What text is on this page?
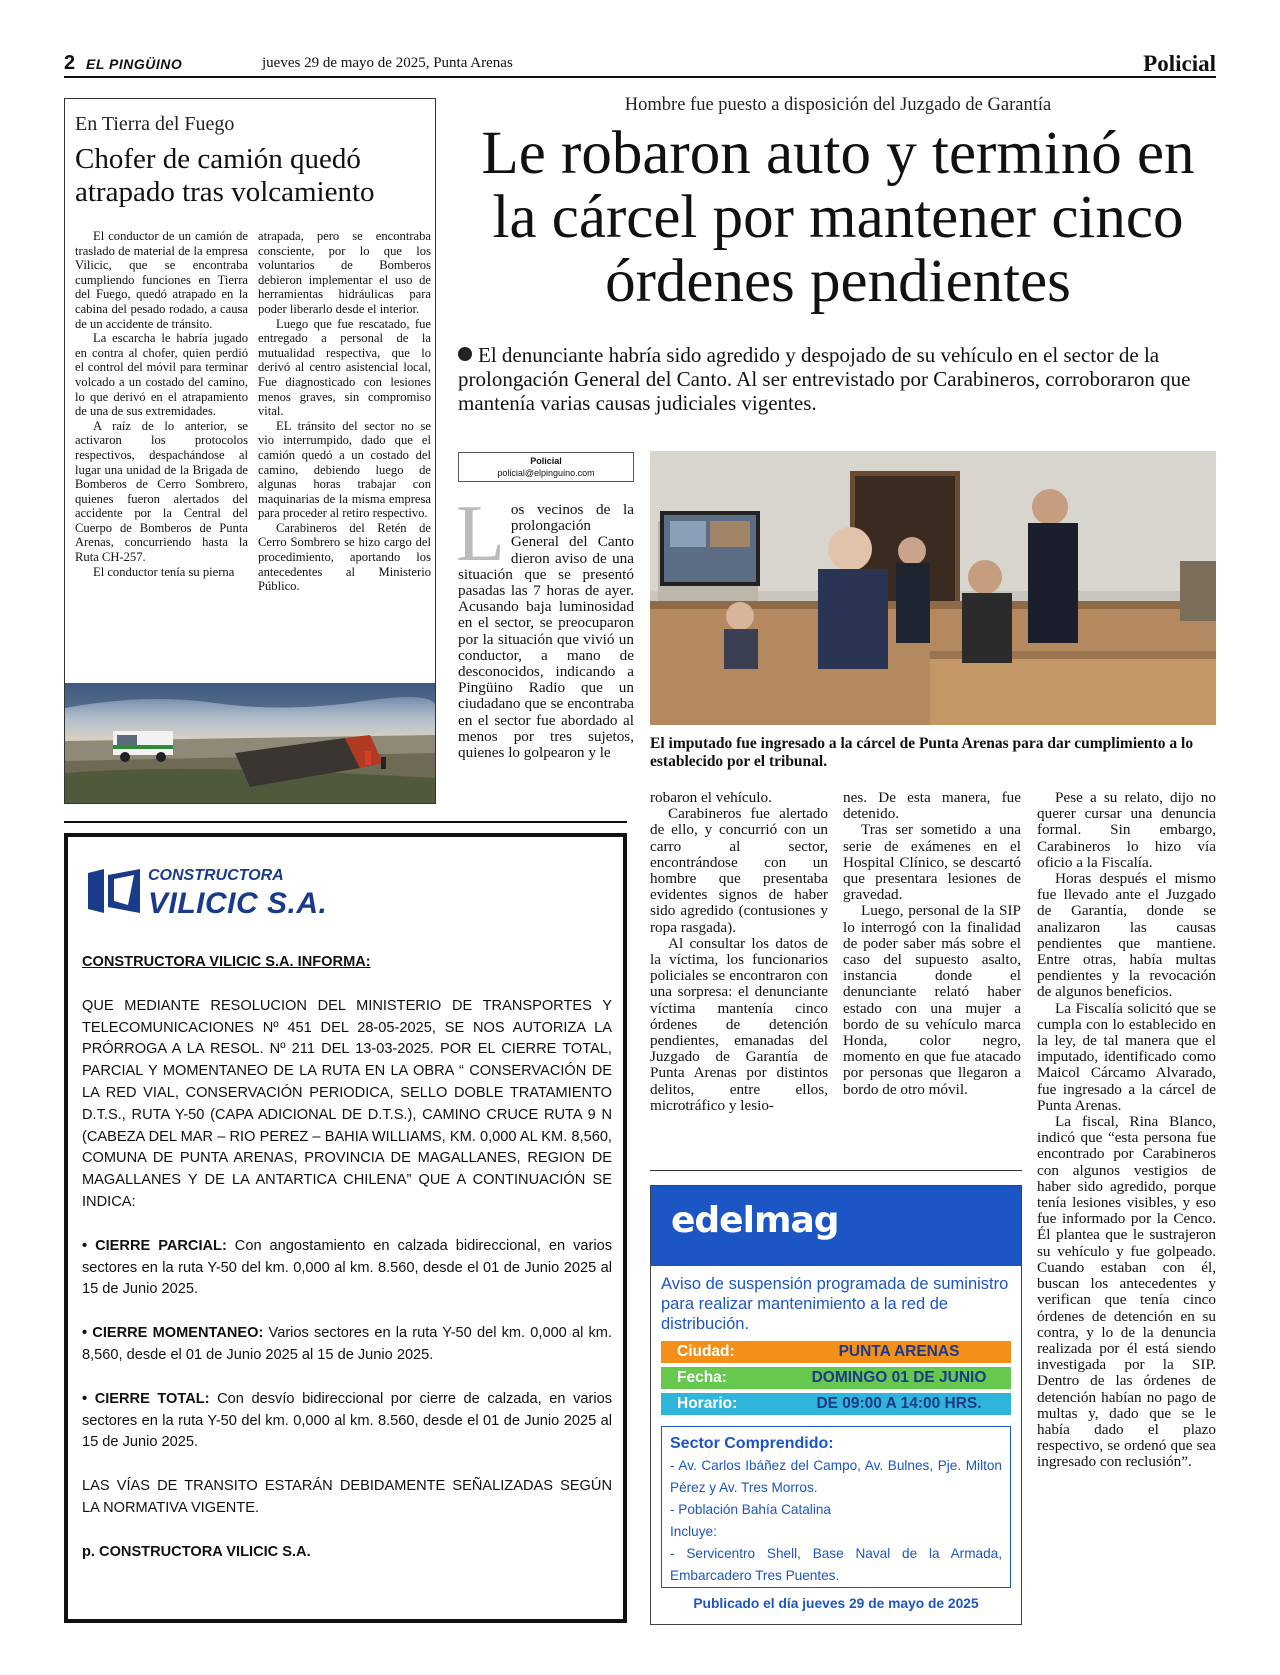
2 EL PINGÜINO	jueves 29 de mayo de 2025, Punta Arenas	Policial
En Tierra del Fuego
Chofer de camión quedó atrapado tras volcamiento

El conductor de un camión de traslado de material de la empresa Vilicic, que se encontraba cumpliendo funciones en Tierra del Fuego, quedó atrapado en la cabina del pesado rodado, a causa de un accidente de tránsito.

La escarcha le habría jugado en contra al chofer, quien perdió el control del móvil para terminar volcado a un costado del camino, lo que derivó en el atrapamiento de una de sus extremidades.

A raíz de lo anterior, se activaron los protocolos respectivos, despachándose al lugar una unidad de la Brigada de Bomberos de Cerro Sombrero, quienes fueron alertados del accidente por la Central del Cuerpo de Bomberos de Punta Arenas, concurriendo hasta la Ruta CH-257.

El conductor tenía su pierna

atrapada, pero se encontraba consciente, por lo que los voluntarios de Bomberos debieron implementar el uso de herramientas hidráulicas para poder liberarlo desde el interior.

Luego que fue rescatado, fue entregado a personal de la mutualidad respectiva, que lo derivó al centro asistencial local, Fue diagnosticado con lesiones menos graves, sin compromiso vital.

EL tránsito del sector no se vio interrumpido, dado que el camión quedó a un costado del camino, debiendo luego de algunas horas trabajar con maquinarias de la misma empresa para proceder al retiro respectivo.

Carabineros del Retén de Cerro Sombrero se hizo cargo del procedimiento, aportando los antecedentes al Ministerio Público.

Hombre fue puesto a disposición del Juzgado de Garantía
Le robaron auto y terminó en la cárcel por mantener cinco órdenes pendientes
El denunciante habría sido agredido y despojado de su vehículo en el sector de la prolongación General del Canto. Al ser entrevistado por Carabineros, corroboraron que mantenía varias causas judiciales vigentes.
Policial
policial@elpinguino.com
L os vecinos de la prolongación General del Canto dieron aviso de una situación que se presentó pasadas las 7 horas de ayer. Acusando baja luminosidad en el sector, se preocuparon por la situación que vivió un conductor, a mano de desconocidos, indicando a Pingüino Radio que un ciudadano que se encontraba en el sector fue abordado al menos por tres sujetos, quienes lo golpearon y le
El imputado fue ingresado a la cárcel de Punta Arenas para dar cumplimiento a lo establecido por el tribunal.

robaron el vehículo.

Carabineros fue alertado de ello, y concurrió con un carro al sector, encontrándose con un hombre que presentaba evidentes signos de haber sido agredido (contusiones y ropa rasgada).

Al consultar los datos de la víctima, los funcionarios policiales se encontraron con una sorpresa: el denunciante víctima mantenía cinco órdenes de detención pendientes, emanadas del Juzgado de Garantía de Punta Arenas por distintos delitos, entre ellos, microtráfico y lesio-

nes. De esta manera, fue detenido.

Tras ser sometido a una serie de exámenes en el Hospital Clínico, se descartó que presentara lesiones de gravedad.

Luego, personal de la SIP lo interrogó con la finalidad de poder saber más sobre el caso del supuesto asalto, instancia donde el denunciante relató haber estado con una mujer a bordo de su vehículo marca Honda, color negro, momento en que fue atacado por personas que llegaron a bordo de otro móvil.

Pese a su relato, dijo no querer cursar una denuncia formal. Sin embargo, Carabineros lo hizo vía oficio a la Fiscalía.

Horas después el mismo fue llevado ante el Juzgado de Garantía, donde se analizaron las causas pendientes que mantiene. Entre otras, había multas pendientes y la revocación de algunos beneficios.

La Fiscalía solicitó que se cumpla con lo establecido en la ley, de tal manera que el imputado, identificado como Maicol Cárcamo Alvarado, fue ingresado a la cárcel de Punta Arenas.

La fiscal, Rina Blanco, indicó que “esta persona fue encontrado por Carabineros con algunos vestigios de haber sido agredido, porque tenía lesiones visibles, y eso fue informado por la Cenco. Él plantea que le sustrajeron su vehículo y fue golpeado. Cuando estaban con él, buscan los antecedentes y verifican que tenía cinco órdenes de detención en su contra, y lo de la denuncia realizada por él está siendo investigada por la SIP. Dentro de las órdenes de detención habían no pago de multas y, dado que se le había dado el plazo respectivo, se ordenó que sea ingresado con reclusión”.

CONSTRUCTORA
VILICIC S.A.
CONSTRUCTORA VILICIC S.A. INFORMA:
QUE MEDIANTE RESOLUCION DEL MINISTERIO DE TRANSPORTES Y TELECOMUNICACIONES Nº 451 DEL 28-05-2025, SE NOS AUTORIZA LA PRÓRROGA A LA RESOL. Nº 211 DEL 13-03-2025. POR EL CIERRE TOTAL, PARCIAL Y MOMENTANEO DE LA RUTA EN LA OBRA “ CONSERVACIÓN DE LA RED VIAL, CONSERVACIÓN PERIODICA, SELLO DOBLE TRATAMIENTO D.T.S., RUTA Y-50 (CAPA ADICIONAL DE D.T.S.), CAMINO CRUCE RUTA 9 N (CABEZA DEL MAR – RIO PEREZ – BAHIA WILLIAMS, KM. 0,000 AL KM. 8,560, COMUNA DE PUNTA ARENAS, PROVINCIA DE MAGALLANES, REGION DE MAGALLANES Y DE LA ANTARTICA CHILENA” QUE A CONTINUACIÓN SE INDICA:
• CIERRE PARCIAL: Con angostamiento en calzada bidireccional, en varios sectores en la ruta Y-50 del km. 0,000 al km. 8.560, desde el 01 de Junio 2025 al 15 de Junio 2025.
• CIERRE MOMENTANEO: Varios sectores en la ruta Y-50 del km. 0,000 al km. 8,560, desde el 01 de Junio 2025 al 15 de Junio 2025.
• CIERRE TOTAL: Con desvío bidireccional por cierre de calzada, en varios sectores en la ruta Y-50 del km. 0,000 al km. 8.560, desde el 01 de Junio 2025 al 15 de Junio 2025.
LAS VÍAS DE TRANSITO ESTARÁN DEBIDAMENTE SEÑALIZADAS SEGÚN LA NORMATIVA VIGENTE.
p. CONSTRUCTORA VILICIC S.A.
edelmag
Aviso de suspensión programada de suministro para realizar mantenimiento a la red de distribución.
Ciudad:	PUNTA ARENAS
Fecha:	DOMINGO 01 DE JUNIO
Horario:	DE 09:00 A 14:00 HRS.
Sector Comprendido:
- Av. Carlos Ibáñez del Campo, Av. Bulnes, Pje. Milton Pérez y Av. Tres Morros.
- Población Bahía Catalina
Incluye:
- Servicentro Shell, Base Naval de la Armada, Embarcadero Tres Puentes.
Publicado el día jueves 29 de mayo de 2025
